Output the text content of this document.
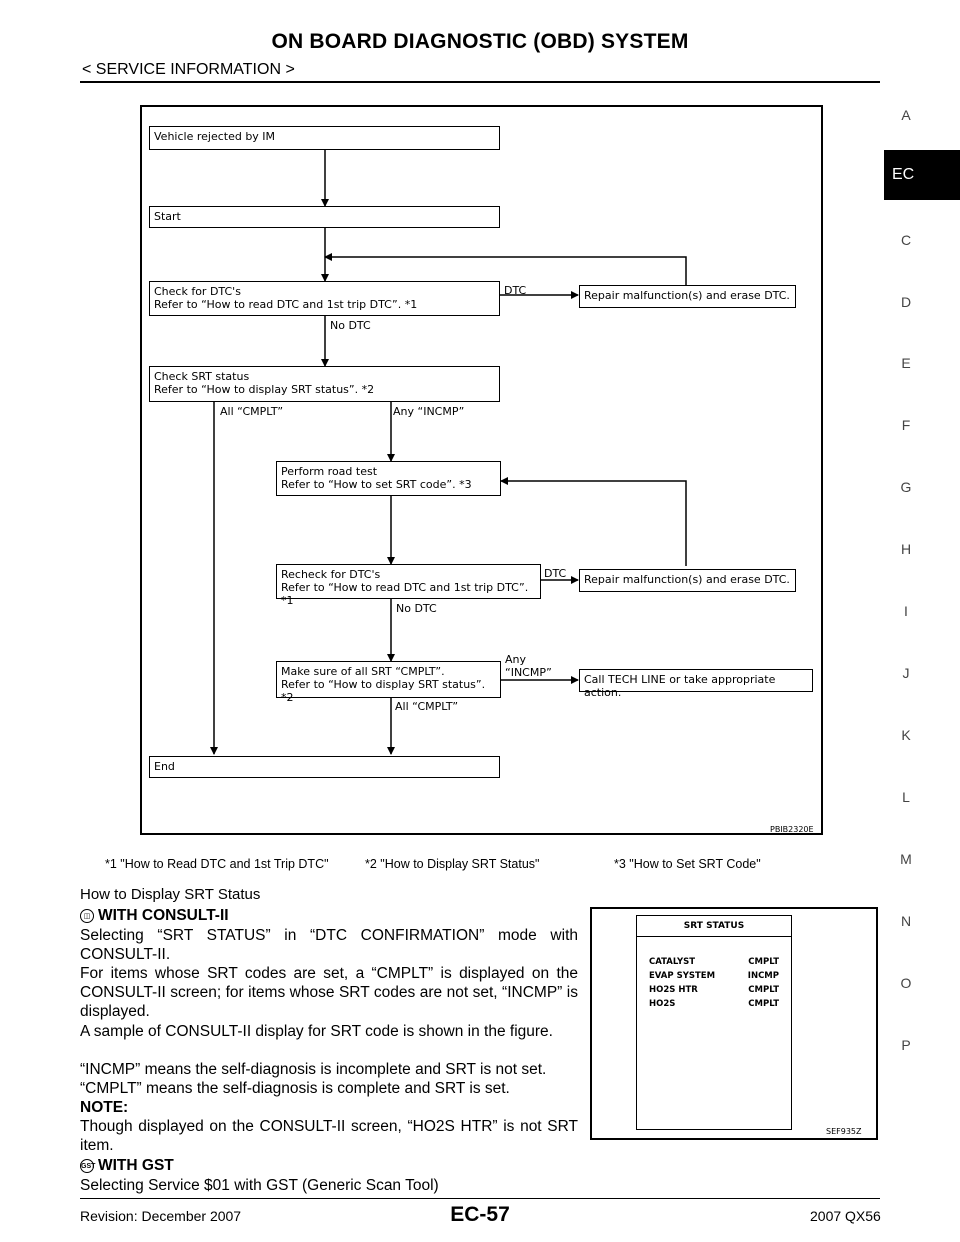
ON BOARD DIAGNOSTIC (OBD) SYSTEM
< SERVICE INFORMATION >
A
EC
C
D
E
F
G
H
I
J
K
L
M
N
O
P
Vehicle rejected by IM
Start
Check for DTC's
Refer to “How to read DTC and 1st trip DTC”. *1
Repair malfunction(s) and erase DTC.
Check SRT status
Refer to “How to display SRT status”. *2
Perform road test
Refer to “How to set SRT code”. *3
Recheck for DTC's
Refer to “How to read DTC and 1st trip DTC”. *1
Repair malfunction(s) and erase DTC.
Make sure of all SRT “CMPLT”.
Refer to “How to display SRT status”. *2
Call TECH LINE or take appropriate action.
End
DTC
No DTC
All “CMPLT”	Any “INCMP”
DTC
No DTC
Any
“INCMP”
All “CMPLT”
PBIB2320E
*1 "How to Read DTC and 1st Trip DTC"	*2 "How to Display SRT Status"	*3 "How to Set SRT Code"
How to Display SRT Status
◫ WITH CONSULT-II
Selecting “SRT STATUS” in “DTC CONFIRMATION” mode with CONSULT-II.
For items whose SRT codes are set, a “CMPLT” is displayed on the CONSULT-II screen; for items whose SRT codes are not set, “INCMP” is displayed.
A sample of CONSULT-II display for SRT code is shown in the figure.
“INCMP” means the self-diagnosis is incomplete and SRT is not set.
“CMPLT” means the self-diagnosis is complete and SRT is set.
NOTE:
Though displayed on the CONSULT-II screen, “HO2S HTR” is not SRT item.
GST WITH GST
Selecting Service $01 with GST (Generic Scan Tool)
SRT STATUS
CATALYST	CMPLT
EVAP SYSTEM	INCMP
HO2S HTR	CMPLT
HO2S	CMPLT
SEF935Z
Revision: December 2007	EC-57	2007 QX56
